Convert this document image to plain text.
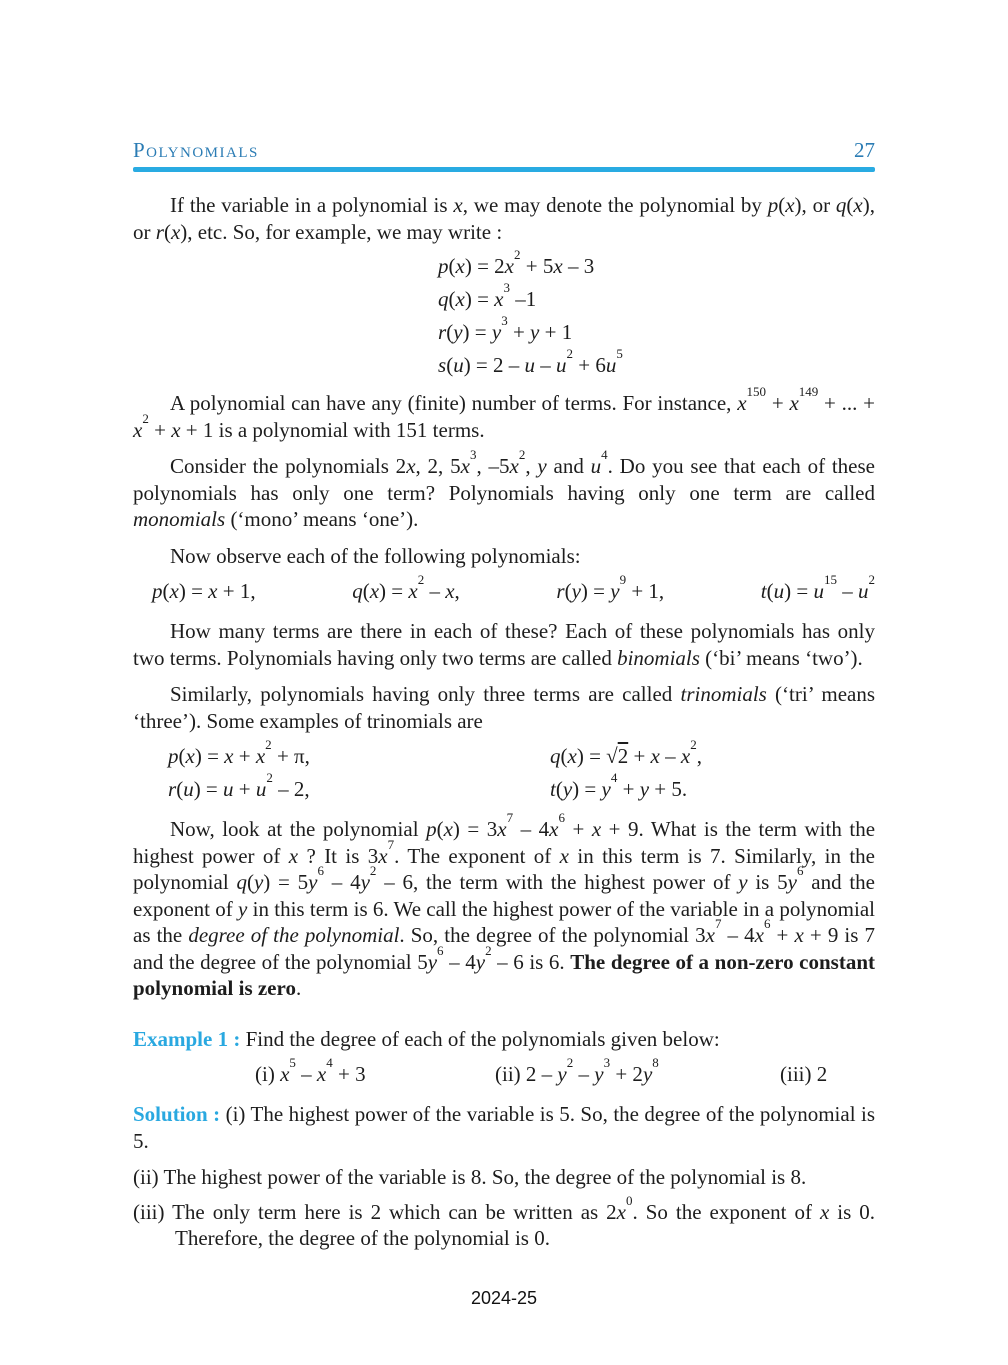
Polynomials	27

If the variable in a polynomial is x, we may denote the polynomial by p(x), or q(x), or r(x), etc. So, for example, we may write :

$p(x) = 2x^2 + 5x - 3$
$q(x) = x^3$ –1
$r(y) = y^3 + y + 1$
$s(u) = 2 - u - u^2 + 6u^5$

A polynomial can have any (finite) number of terms. For instance, $x^{150} + x^{149}$ + ... + $x^2 + x + 1$ is a polynomial with 151 terms.

Consider the polynomials 2x, 2, $5x^3$, $-5x^2$, y and $u^4$. Do you see that each of these polynomials has only one term? Polynomials having only one term are called monomials (‘mono’ means ‘one’).

Now observe each of the following polynomials:

p(x) = x + 1,	$q(x) = x^2 - x$,	$r(y) = y^9 + 1$,	$t(u) = u^{15} - u^2$

How many terms are there in each of these? Each of these polynomials has only two terms. Polynomials having only two terms are called binomials (‘bi’ means ‘two’).

Similarly, polynomials having only three terms are called trinomials (‘tri’ means ‘three’). Some examples of trinomials are

$p(x) = x + x^2 + \pi$,	$q(x) = √2 + x - x^2$,
$r(u) = u + u^2 - 2$,	$t(y) = y^4 + y + 5$.

Now, look at the polynomial $p(x) = 3x^7 - 4x^6 + x + 9$. What is the term with the highest power of x ? It is $3x^7$. The exponent of x in this term is 7. Similarly, in the polynomial $q(y) = 5y^6 - 4y^2 - 6$, the term with the highest power of y is $5y^6$ and the exponent of y in this term is 6. We call the highest power of the variable in a polynomial as the degree of the polynomial. So, the degree of the polynomial $3x^7 - 4x^6 + x + 9$ is 7 and the degree of the polynomial $5y^6 - 4y^2 - 6$ is 6. The degree of a non-zero constant polynomial is zero.

Example 1 : Find the degree of each of the polynomials given below:

(i) $x^5 - x^4 + 3$	(ii) $2 - y^2 - y^3 + 2y^8$	(iii) 2

Solution : (i) The highest power of the variable is 5. So, the degree of the polynomial is 5.

(ii) The highest power of the variable is 8. So, the degree of the polynomial is 8.

(iii) The only term here is 2 which can be written as $2x^0$. So the exponent of x is 0. Therefore, the degree of the polynomial is 0.

2024-25
